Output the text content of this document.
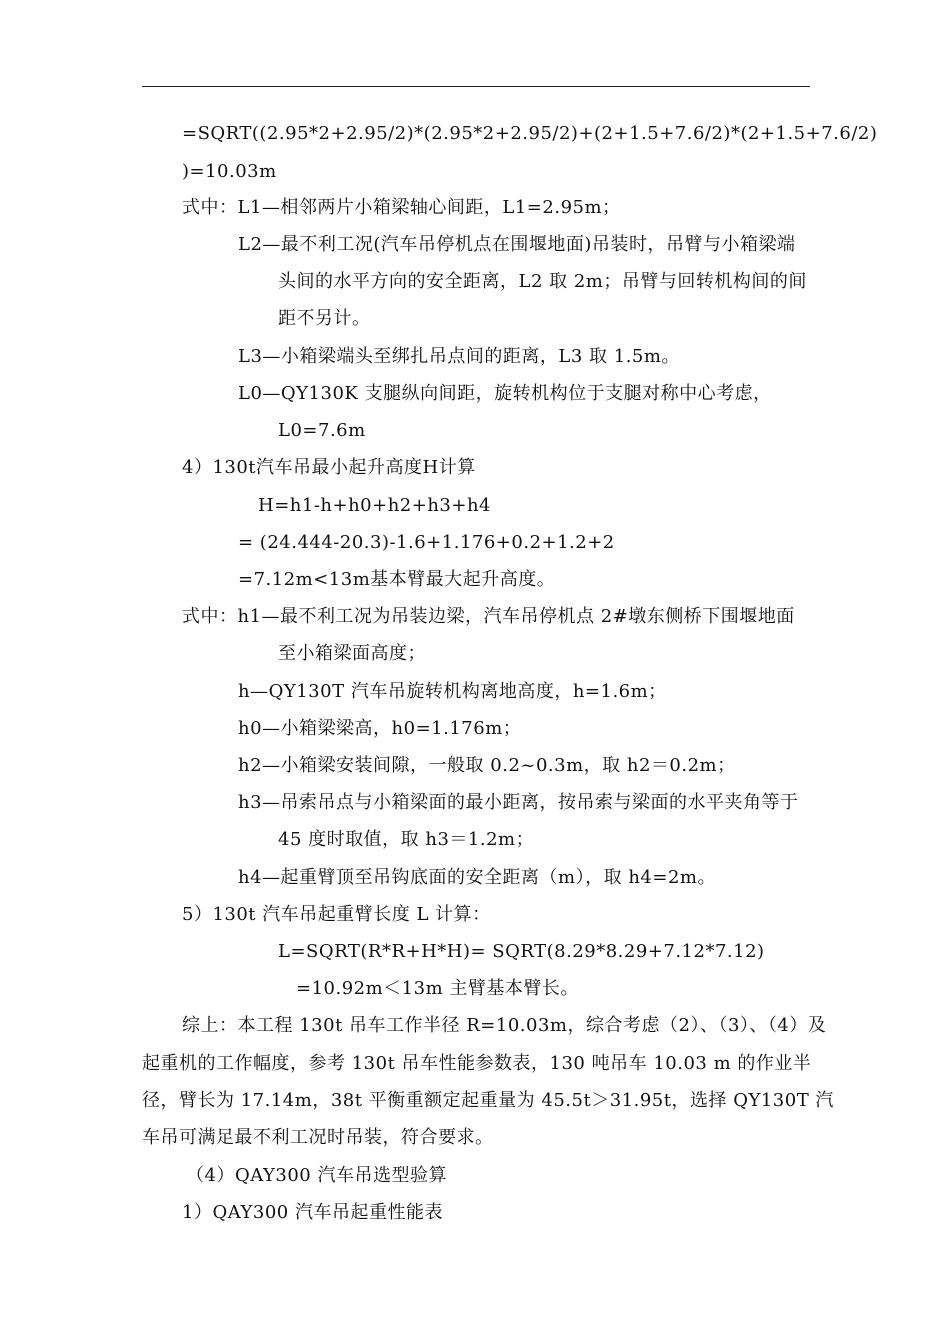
=SQRT((2.95*2+2.95/2)*(2.95*2+2.95/2)+(2+1.5+7.6/2)*(2+1.5+7.6/2)
)=10.03m
式中：L1—相邻两片小箱梁轴心间距，L1=2.95m；
L2—最不利工况(汽车吊停机点在围堰地面)吊装时，吊臂与小箱梁端
头间的水平方向的安全距离，L2 取 2m；吊臂与回转机构间的间
距不另计。
L3—小箱梁端头至绑扎吊点间的距离，L3 取 1.5m。
L0—QY130K 支腿纵向间距，旋转机构位于支腿对称中心考虑，
L0=7.6m
4）130t汽车吊最小起升高度H计算
H=h1-h+h0+h2+h3+h4
= (24.444-20.3)-1.6+1.176+0.2+1.2+2
=7.12m<13m基本臂最大起升高度。
式中：h1—最不利工况为吊装边梁，汽车吊停机点 2#墩东侧桥下围堰地面
至小箱梁面高度；
h—QY130T 汽车吊旋转机构离地高度，h=1.6m；
h0—小箱梁梁高，h0=1.176m；
h2—小箱梁安装间隙，一般取 0.2~0.3m，取 h2＝0.2m；
h3—吊索吊点与小箱梁面的最小距离，按吊索与梁面的水平夹角等于
45 度时取值，取 h3＝1.2m；
h4—起重臂顶至吊钩底面的安全距离（m），取 h4=2m。
5）130t 汽车吊起重臂长度 L 计算：
L=SQRT(R*R+H*H)= SQRT(8.29*8.29+7.12*7.12)
=10.92m＜13m 主臂基本臂长。
综上：本工程 130t 吊车工作半径 R=10.03m，综合考虑（2）、（3）、（4）及
起重机的工作幅度，参考 130t 吊车性能参数表，130 吨吊车 10.03 m 的作业半
径，臂长为 17.14m，38t 平衡重额定起重量为 45.5t＞31.95t，选择 QY130T 汽
车吊可满足最不利工况时吊装，符合要求。
（4）QAY300 汽车吊选型验算
1）QAY300 汽车吊起重性能表
